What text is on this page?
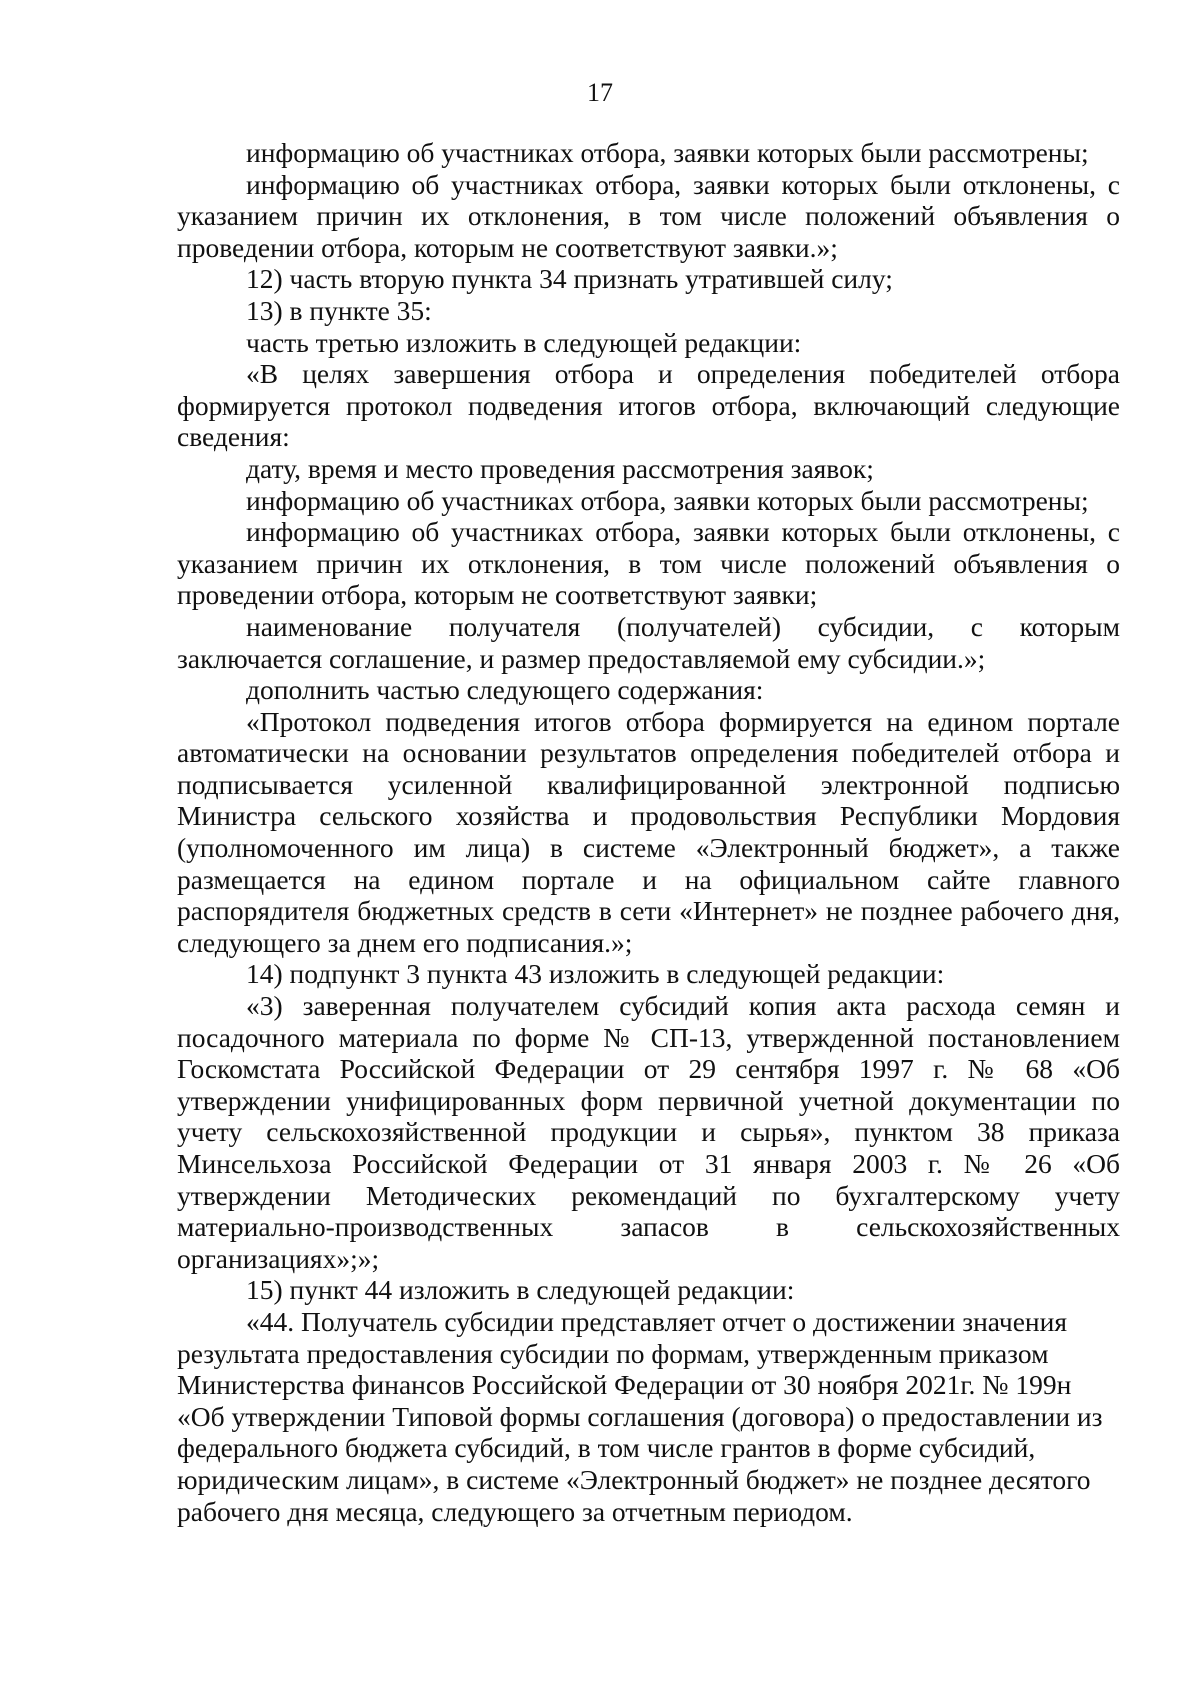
17

информацию об участниках отбора, заявки которых были рассмотрены;

информацию об участниках отбора, заявки которых были отклонены, с указанием причин их отклонения, в том числе положений объявления о проведении отбора, которым не соответствуют заявки.»;

12) часть вторую пункта 34 признать утратившей силу;

13) в пункте 35:

часть третью изложить в следующей редакции:

«В целях завершения отбора и определения победителей отбора формируется протокол подведения итогов отбора, включающий следующие сведения:

дату, время и место проведения рассмотрения заявок;

информацию об участниках отбора, заявки которых были рассмотрены;

информацию об участниках отбора, заявки которых были отклонены, с указанием причин их отклонения, в том числе положений объявления о проведении отбора, которым не соответствуют заявки;

наименование получателя (получателей) субсидии, с которым заключается соглашение, и размер предоставляемой ему субсидии.»;

дополнить частью следующего содержания:

«Протокол подведения итогов отбора формируется на едином портале автоматически на основании результатов определения победителей отбора и подписывается усиленной квалифицированной электронной подписью Министра сельского хозяйства и продовольствия Республики Мордовия (уполномоченного им лица) в системе «Электронный бюджет», а также размещается на едином портале и на официальном сайте главного распорядителя бюджетных средств в сети «Интернет» не позднее рабочего дня, следующего за днем его подписания.»;

14) подпункт 3 пункта 43 изложить в следующей редакции:

«3) заверенная получателем субсидий копия акта расхода семян и посадочного материала по форме № СП-13, утвержденной постановлением Госкомстата Российской Федерации от 29 сентября 1997 г. № 68 «Об утверждении унифицированных форм первичной учетной документации по учету сельскохозяйственной продукции и сырья», пунктом 38 приказа Минсельхоза Российской Федерации от 31 января 2003 г. № 26 «Об утверждении Методических рекомендаций по бухгалтерскому учету материально-производственных запасов в сельскохозяйственных организациях»;»;

15) пункт 44 изложить в следующей редакции:

«44. Получатель субсидии представляет отчет о достижении значения результата предоставления субсидии по формам, утвержденным приказом Министерства финансов Российской Федерации от 30 ноября 2021г. № 199н «Об утверждении Типовой формы соглашения (договора) о предоставлении из федерального бюджета субсидий, в том числе грантов в форме субсидий, юридическим лицам», в системе «Электронный бюджет» не позднее десятого рабочего дня месяца, следующего за отчетным периодом.
